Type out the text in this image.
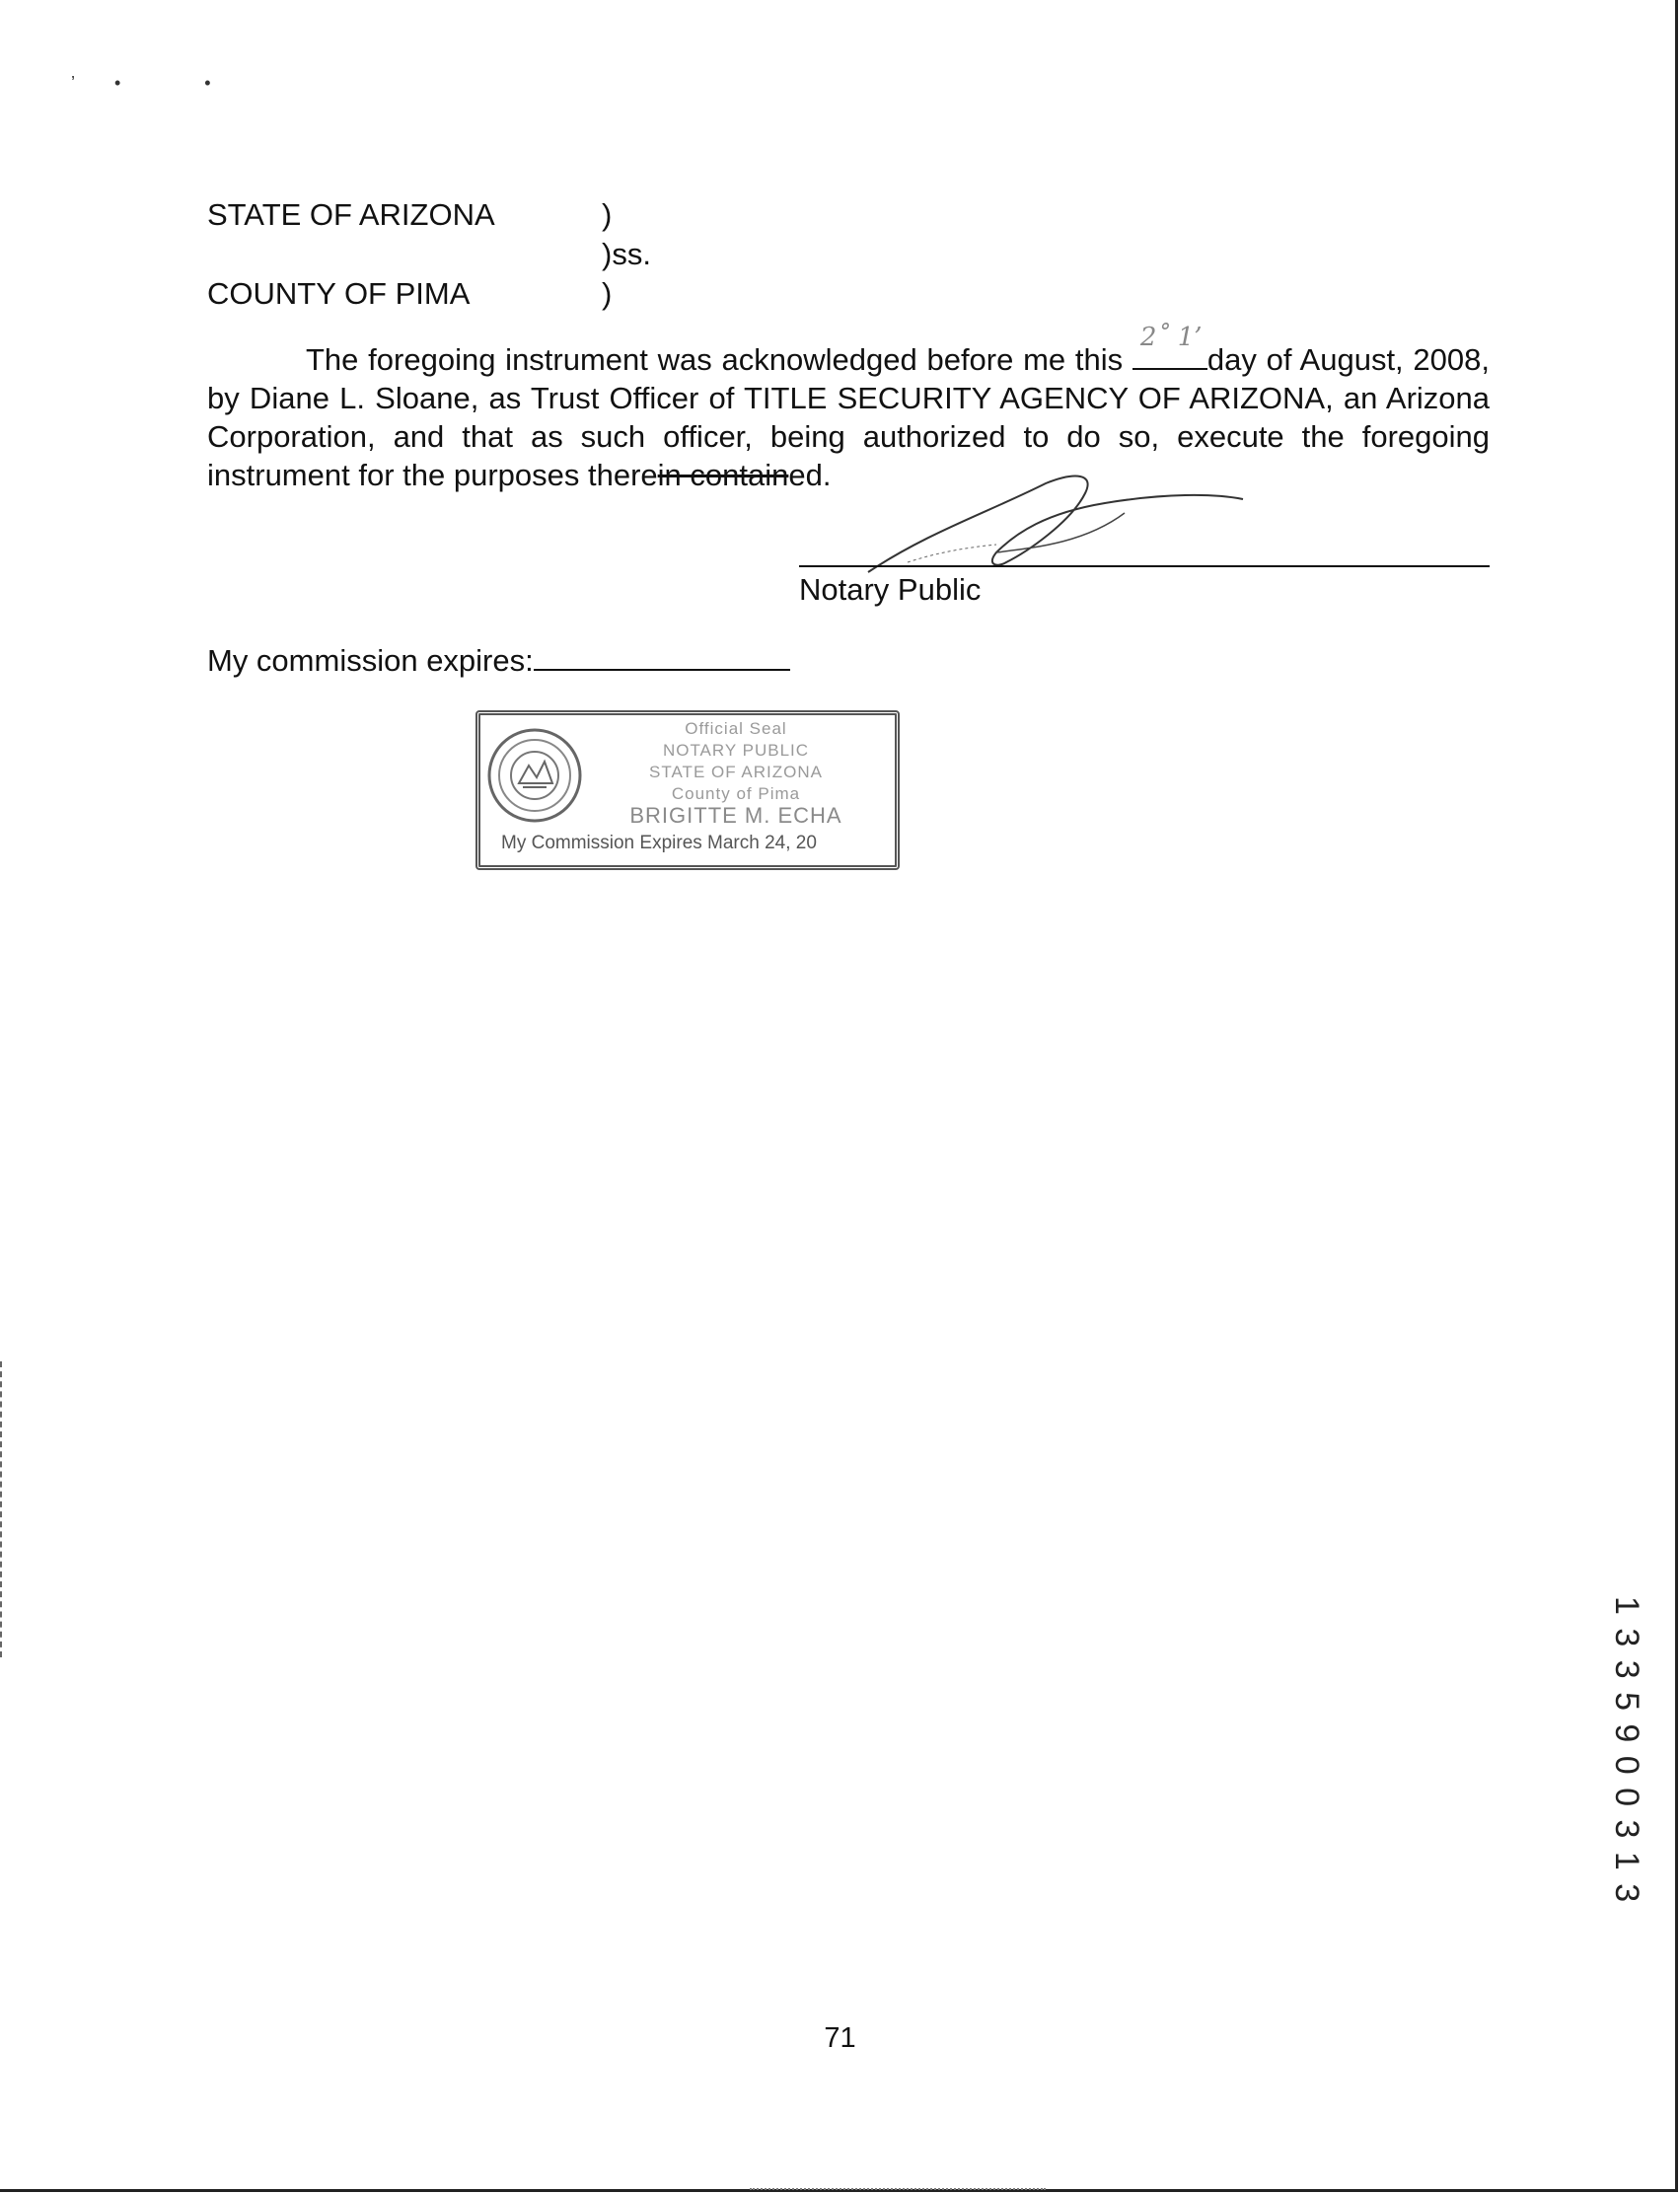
’• •
STATE OF ARIZONA	)
)ss.
COUNTY OF PIMA	)

The foregoing instrument was acknowledged before me this
2˚ 1’
day of August, 2008, by Diane L. Sloane, as Trust Officer of TITLE SECURITY AGENCY OF ARIZONA, an Arizona Corporation, and that as such officer, being authorized to do so, execute the foregoing instrument for the purposes therein contained.

Notary Public
My commission expires:
Official Seal
NOTARY PUBLIC
STATE OF ARIZONA
County of Pima
BRIGITTE M. ECHA
My Commission Expires March 24, 20
1 3 3 5 9 0 0 3 1 3
71
